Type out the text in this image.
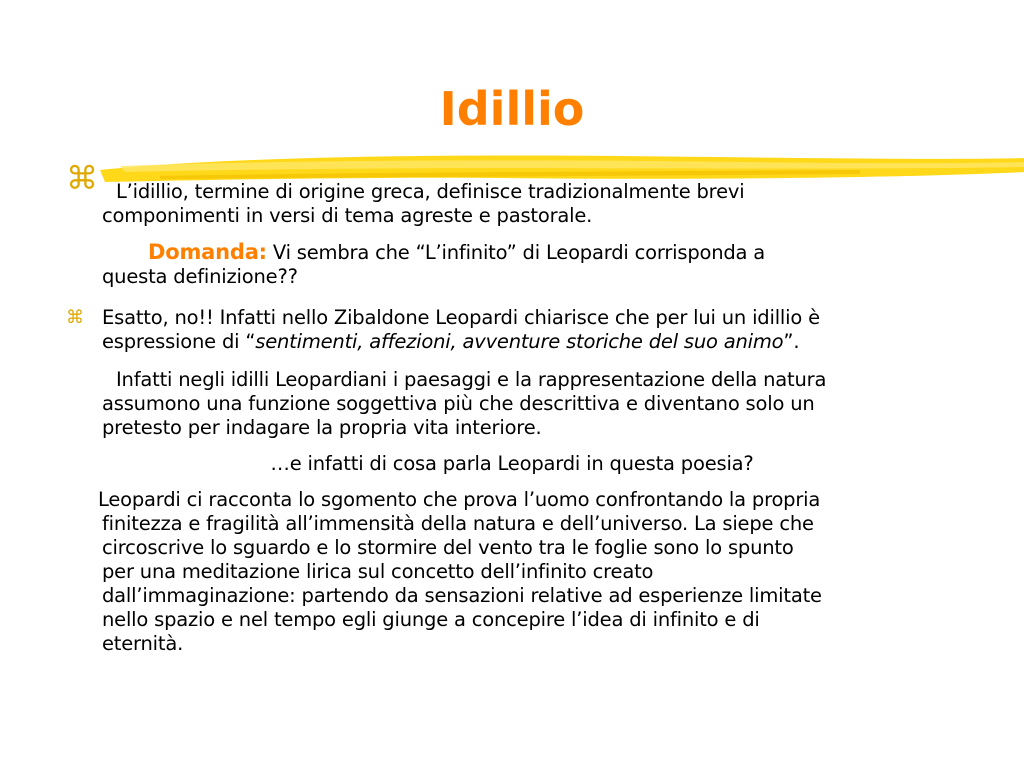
Idillio
⌘
⌘
L’idillio, termine di origine greca, definisce tradizionalmente brevi
componimenti in versi di tema agreste e pastorale.
Domanda: Vi sembra che “L’infinito” di Leopardi corrisponda a
questa definizione??
Esatto, no!! Infatti nello Zibaldone Leopardi chiarisce che per lui un idillio è
espressione di “sentimenti, affezioni, avventure storiche del suo animo”.
Infatti negli idilli Leopardiani i paesaggi e la rappresentazione della natura
assumono una funzione soggettiva più che descrittiva e diventano solo un
pretesto per indagare la propria vita interiore.
…e infatti di cosa parla Leopardi in questa poesia?
Leopardi ci racconta lo sgomento che prova l’uomo confrontando la propria
finitezza e fragilità all’immensità della natura e dell’universo. La siepe che
circoscrive lo sguardo e lo stormire del vento tra le foglie sono lo spunto
per una meditazione lirica sul concetto dell’infinito creato
dall’immaginazione: partendo da sensazioni relative ad esperienze limitate
nello spazio e nel tempo egli giunge a concepire l’idea di infinito e di
eternità.
